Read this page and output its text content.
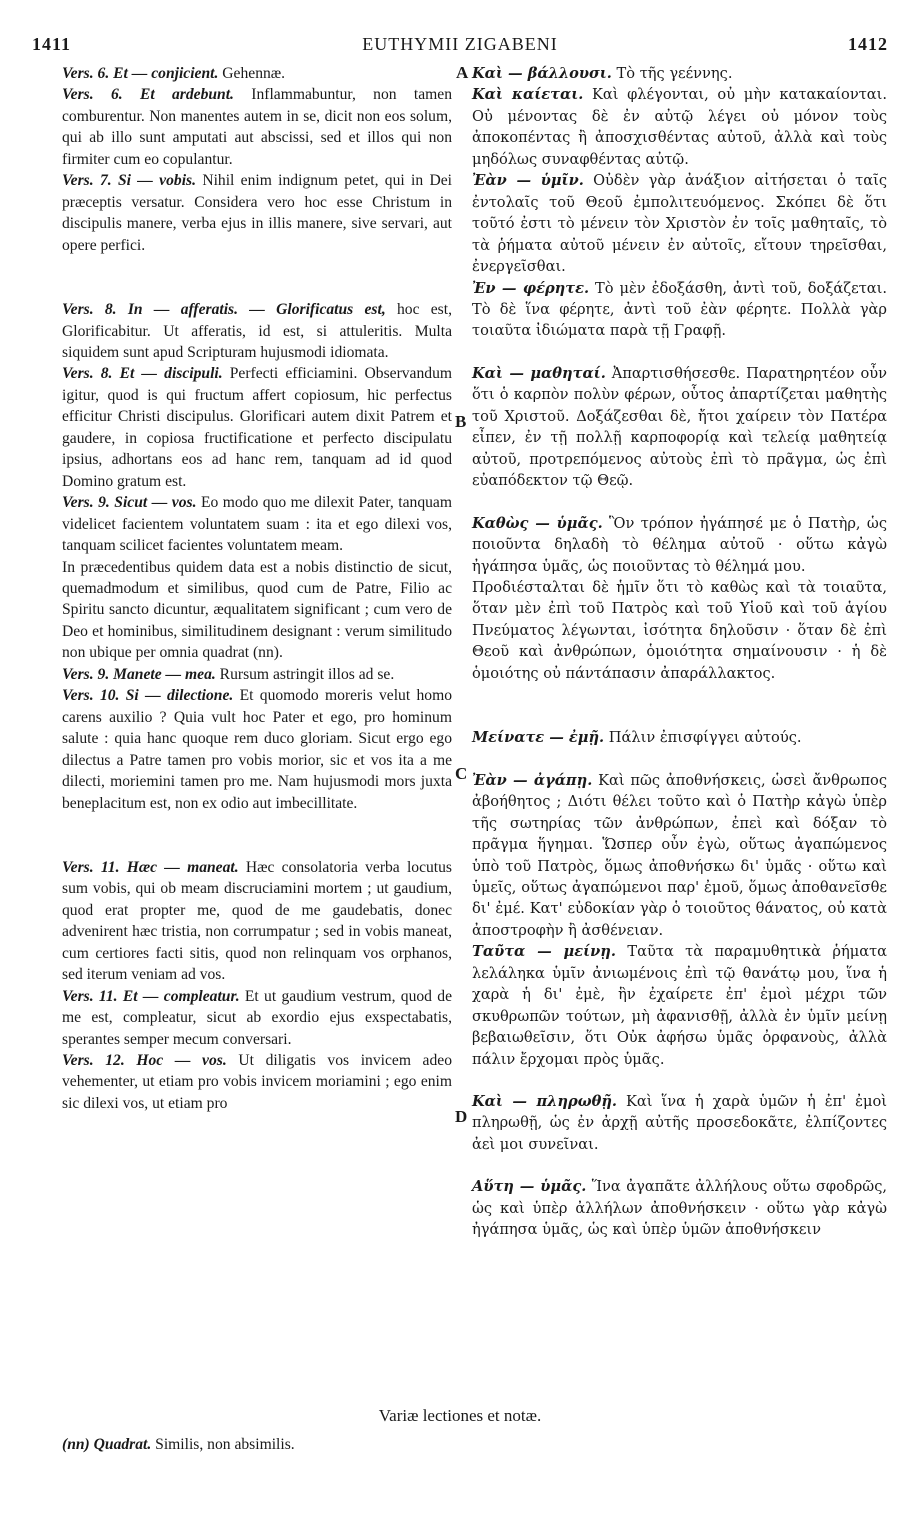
1411	EUTHYMII ZIGABENI	1412
A
B
C
D

Vers. 6. Et — conjicient. Gehennæ.

Vers. 6. Et ardebunt. Inflammabuntur, non tamen comburentur. Non manentes autem in se, dicit non eos solum, qui ab illo sunt amputati aut abscissi, sed et illos qui non firmiter cum eo copulantur.

Vers. 7. Si — vobis. Nihil enim indignum petet, qui in Dei præceptis versatur. Considera vero hoc esse Christum in discipulis manere, verba ejus in illis manere, sive servari, aut opere perfici.

Vers. 8. In — afferatis. — Glorificatus est, hoc est, Glorificabitur. Ut afferatis, id est, si attuleritis. Multa siquidem sunt apud Scripturam hujusmodi idiomata.

Vers. 8. Et — discipuli. Perfecti efficiamini. Observandum igitur, quod is qui fructum affert copiosum, hic perfectus efficitur Christi discipulus. Glorificari autem dixit Patrem et gaudere, in copiosa fructificatione et perfecto discipulatu ipsius, adhortans eos ad hanc rem, tanquam ad id quod Domino gratum est.

Vers. 9. Sicut — vos. Eo modo quo me dilexit Pater, tanquam videlicet facientem voluntatem suam : ita et ego dilexi vos, tanquam scilicet facientes voluntatem meam.

In præcedentibus quidem data est a nobis distinctio de sicut, quemadmodum et similibus, quod cum de Patre, Filio ac Spiritu sancto dicuntur, æqualitatem significant ; cum vero de Deo et hominibus, similitudinem designant : verum similitudo non ubique per omnia quadrat (nn).

Vers. 9. Manete — mea. Rursum astringit illos ad se.

Vers. 10. Si — dilectione. Et quomodo moreris velut homo carens auxilio ? Quia vult hoc Pater et ego, pro hominum salute : quia hanc quoque rem duco gloriam. Sicut ergo ego dilectus a Patre tamen pro vobis morior, sic et vos ita a me dilecti, moriemini tamen pro me. Nam hujusmodi mors juxta beneplacitum est, non ex odio aut imbecillitate.

Vers. 11. Hæc — maneat. Hæc consolatoria verba locutus sum vobis, qui ob meam discruciamini mortem ; ut gaudium, quod erat propter me, quod de me gaudebatis, donec advenirent hæc tristia, non corrumpatur ; sed in vobis maneat, cum certiores facti sitis, quod non relinquam vos orphanos, sed iterum veniam ad vos.

Vers. 11. Et — compleatur. Et ut gaudium vestrum, quod de me est, compleatur, sicut ab exordio ejus exspectabatis, sperantes semper mecum conversari.

Vers. 12. Hoc — vos. Ut diligatis vos invicem adeo vehementer, ut etiam pro vobis invicem moriamini ; ego enim sic dilexi vos, ut etiam pro

Καὶ — βάλλουσι. Τὸ τῆς γεέννης.

Καὶ καίεται. Καὶ φλέγονται, οὐ μὴν κατακαίονται. Οὐ μένοντας δὲ ἐν αὐτῷ λέγει οὐ μόνον τοὺς ἀποκοπέντας ἢ ἀποσχισθέντας αὐτοῦ, ἀλλὰ καὶ τοὺς μηδόλως συναφθέντας αὐτῷ.

Ἐὰν — ὑμῖν. Οὐδὲν γὰρ ἀνάξιον αἰτήσεται ὁ ταῖς ἐντολαῖς τοῦ Θεοῦ ἐμπολιτευόμενος. Σκόπει δὲ ὅτι τοῦτό ἐστι τὸ μένειν τὸν Χριστὸν ἐν τοῖς μαθηταῖς, τὸ τὰ ῥήματα αὐτοῦ μένειν ἐν αὐτοῖς, εἴτουν τηρεῖσθαι, ἐνεργεῖσθαι.

Ἐν — φέρητε. Τὸ μὲν ἐδοξάσθη, ἀντὶ τοῦ, δοξάζεται. Τὸ δὲ ἵνα φέρητε, ἀντὶ τοῦ ἐὰν φέρητε. Πολλὰ γὰρ τοιαῦτα ἰδιώματα παρὰ τῇ Γραφῇ.

Καὶ — μαθηταί. Ἀπαρτισθήσεσθε. Παρατηρητέον οὖν ὅτι ὁ καρπὸν πολὺν φέρων, οὗτος ἀπαρτίζεται μαθητὴς τοῦ Χριστοῦ. Δοξάζεσθαι δὲ, ἤτοι χαίρειν τὸν Πατέρα εἶπεν, ἐν τῇ πολλῇ καρποφορίᾳ καὶ τελείᾳ μαθητείᾳ αὐτοῦ, προτρεπόμενος αὐτοὺς ἐπὶ τὸ πρᾶγμα, ὡς ἐπὶ εὐαπόδεκτον τῷ Θεῷ.

Καθὼς — ὑμᾶς. Ὃν τρόπον ἠγάπησέ με ὁ Πατὴρ, ὡς ποιοῦντα δηλαδὴ τὸ θέλημα αὐτοῦ · οὕτω κἀγὼ ἠγάπησα ὑμᾶς, ὡς ποιοῦντας τὸ θέλημά μου.

Προδιέσταλται δὲ ἡμῖν ὅτι τὸ καθὼς καὶ τὰ τοιαῦτα, ὅταν μὲν ἐπὶ τοῦ Πατρὸς καὶ τοῦ Υἱοῦ καὶ τοῦ ἁγίου Πνεύματος λέγωνται, ἰσότητα δηλοῦσιν · ὅταν δὲ ἐπὶ Θεοῦ καὶ ἀνθρώπων, ὁμοιότητα σημαίνουσιν · ἡ δὲ ὁμοιότης οὐ πάντάπασιν ἀπαράλλακτος.

Μείνατε — ἐμῇ. Πάλιν ἐπισφίγγει αὐτούς.

Ἐὰν — ἀγάπῃ. Καὶ πῶς ἀποθνήσκεις, ὡσεὶ ἄνθρωπος ἀβοήθητος ; Διότι θέλει τοῦτο καὶ ὁ Πατὴρ κἀγὼ ὑπὲρ τῆς σωτηρίας τῶν ἀνθρώπων, ἐπεὶ καὶ δόξαν τὸ πρᾶγμα ἥγημαι. Ὥσπερ οὖν ἐγὼ, οὕτως ἀγαπώμενος ὑπὸ τοῦ Πατρὸς, ὅμως ἀποθνήσκω δι' ὑμᾶς · οὕτω καὶ ὑμεῖς, οὕτως ἀγαπώμενοι παρ' ἐμοῦ, ὅμως ἀποθανεῖσθε δι' ἐμέ. Κατ' εὐδοκίαν γὰρ ὁ τοιοῦτος θάνατος, οὐ κατὰ ἀποστροφὴν ἢ ἀσθένειαν.

Ταῦτα — μείνῃ. Ταῦτα τὰ παραμυθητικὰ ῥήματα λελάληκα ὑμῖν ἀνιωμένοις ἐπὶ τῷ θανάτῳ μου, ἵνα ἡ χαρὰ ἡ δι' ἐμὲ, ἣν ἐχαίρετε ἐπ' ἐμοὶ μέχρι τῶν σκυθρωπῶν τούτων, μὴ ἀφανισθῇ, ἀλλὰ ἐν ὑμῖν μείνῃ βεβαιωθεῖσιν, ὅτι Οὐκ ἀφήσω ὑμᾶς ὀρφανοὺς, ἀλλὰ πάλιν ἔρχομαι πρὸς ὑμᾶς.

Καὶ — πληρωθῇ. Καὶ ἵνα ἡ χαρὰ ὑμῶν ἡ ἐπ' ἐμοὶ πληρωθῇ, ὡς ἐν ἀρχῇ αὐτῆς προσεδοκᾶτε, ἐλπίζοντες ἀεὶ μοι συνεῖναι.

Αὕτη — ὑμᾶς. Ἵνα ἀγαπᾶτε ἀλλήλους οὕτω σφοδρῶς, ὡς καὶ ὑπὲρ ἀλλήλων ἀποθνήσκειν · οὕτω γὰρ κἀγὼ ἠγάπησα ὑμᾶς, ὡς καὶ ὑπὲρ ὑμῶν ἀποθνήσκειν

Variæ lectiones et notæ.
(nn) Quadrat. Similis, non absimilis.
